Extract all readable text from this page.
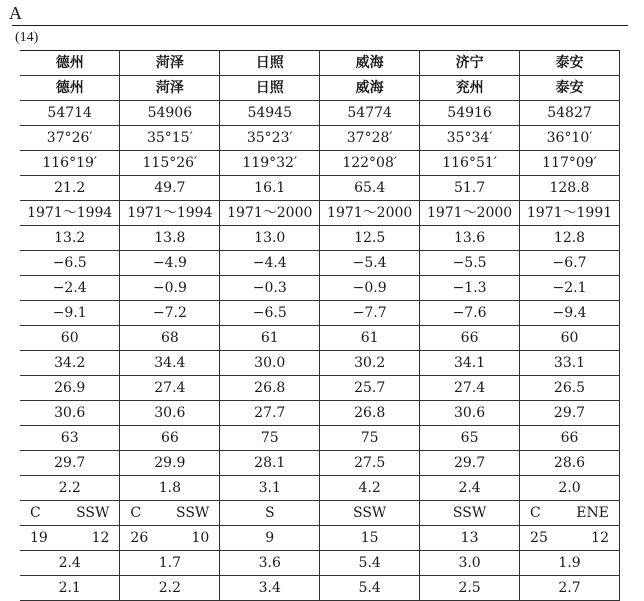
A
(14)
德州	菏泽	日照	威海	济宁	泰安
德州	菏泽	日照	威海	兖州	泰安
54714	54906	54945	54774	54916	54827
37°26′	35°15′	35°23′	37°28′	35°34′	36°10′
116°19′	115°26′	119°32′	122°08′	116°51′	117°09′
21.2	49.7	16.1	65.4	51.7	128.8
1971～1994	1971～1994	1971～2000	1971～2000	1971～2000	1971～1991
13.2	13.8	13.0	12.5	13.6	12.8
−6.5	−4.9	−4.4	−5.4	−5.5	−6.7
−2.4	−0.9	−0.3	−0.9	−1.3	−2.1
−9.1	−7.2	−6.5	−7.7	−7.6	−9.4
60	68	61	61	66	60
34.2	34.4	30.0	30.2	34.1	33.1
26.9	27.4	26.8	25.7	27.4	26.5
30.6	30.6	27.7	26.8	30.6	29.7
63	66	75	75	65	66
29.7	29.9	28.1	27.5	29.7	28.6
2.2	1.8	3.1	4.2	2.4	2.0

C SSW	C SSW	S	SSW	SSW	C ENE

19 12	26 10	9	15	13	25 12

2.4	1.7	3.6	5.4	3.0	1.9
2.1	2.2	3.4	5.4	2.5	2.7
